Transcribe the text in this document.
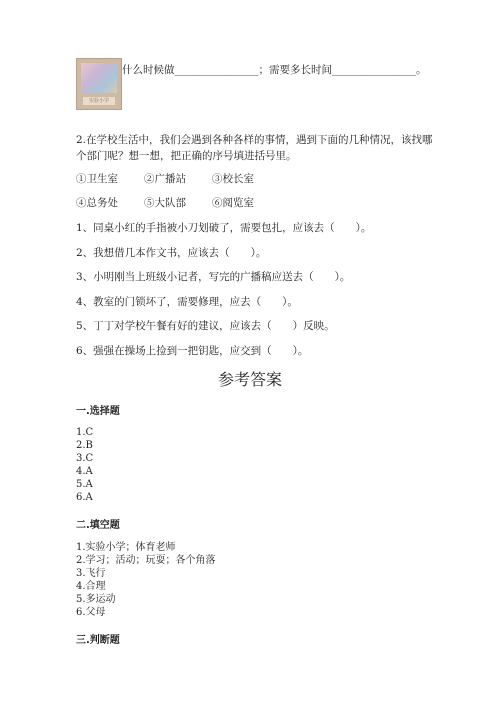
实验小学
什么时候做________________；需要多长时间________________。
2.在学校生活中，我们会遇到各种各样的事情，遇到下面的几种情况，该找哪
个部门呢？想一想，把正确的序号填进括号里。
①卫生室 ②广播站 ③校长室
④总务处 ⑤大队部 ⑥阅览室
1、同桌小红的手指被小刀划破了，需要包扎，应该去（　　）。
2、我想借几本作文书，应该去（　　）。
3、小明刚当上班级小记者，写完的广播稿应送去（　　）。
4、教室的门锁坏了，需要修理，应去（　　）。
5、丁丁对学校午餐有好的建议，应该去（　　）反映。
6、强强在操场上捡到一把钥匙，应交到（　　）。
参考答案
一.选择题
1.C
2.B
3.C
4.A
5.A
6.A
二.填空题
1.实验小学；体育老师
2.学习；活动；玩耍；各个角落
3.飞行
4.合理
5.多运动
6.父母
三.判断题
